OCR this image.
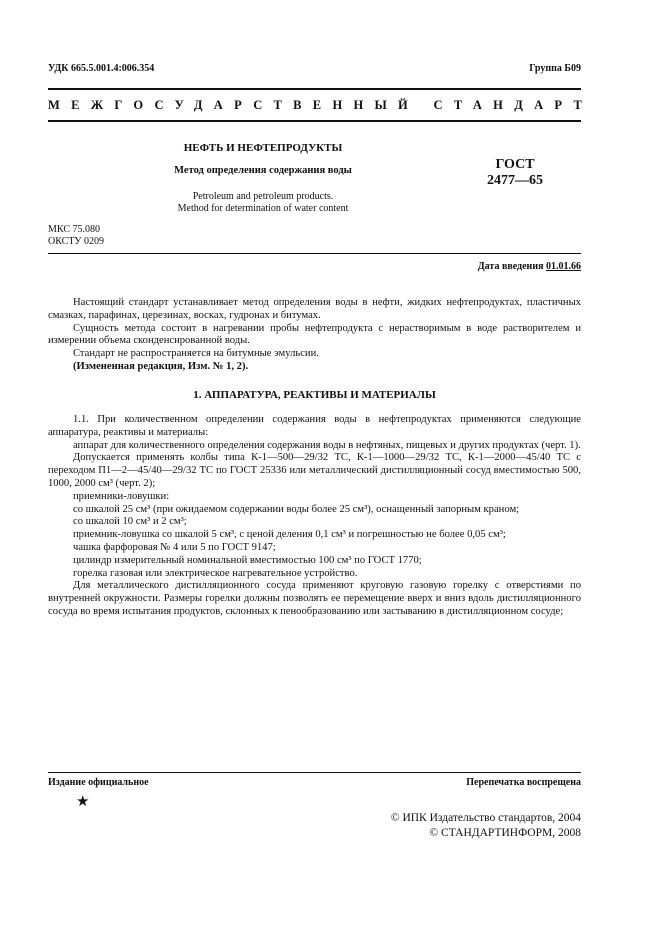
УДК 665.5.001.4:006.354	Группа Б09
МЕЖГОСУДАРСТВЕННЫЙ СТАНДАРТ
НЕФТЬ И НЕФТЕПРОДУКТЫ
Метод определения содержания воды
Petroleum and petroleum products.
Method for determination of water content
ГОСТ
2477—65
МКС 75.080
ОКСТУ 0209
Дата введения 01.01.66

Настоящий стандарт устанавливает метод определения воды в нефти, жидких нефтепродуктах, пластичных смазках, парафинах, церезинах, восках, гудронах и битумах.

Сущность метода состоит в нагревании пробы нефтепродукта с нерастворимым в воде растворителем и измерении объема сконденсированной воды.

Стандарт не распространяется на битумные эмульсии.

(Измененная редакция, Изм. № 1, 2).

1. АППАРАТУРА, РЕАКТИВЫ И МАТЕРИАЛЫ

1.1. При количественном определении содержания воды в нефтепродуктах применяются следующие аппаратура, реактивы и материалы:

аппарат для количественного определения содержания воды в нефтяных, пищевых и других продуктах (черт. 1).

Допускается применять колбы типа К-1—500—29/32 ТС, К-1—1000—29/32 ТС, К-1—2000—45/40 ТС с переходом П1—2—45/40—29/32 ТС по ГОСТ 25336 или металлический дистилляционный сосуд вместимостью 500, 1000, 2000 см³ (черт. 2);

приемники-ловушки:

со шкалой 25 см³ (при ожидаемом содержании воды более 25 см³), оснащенный запорным краном;

со шкалой 10 см³ и 2 см³;

приемник-ловушка со шкалой 5 см³, с ценой деления 0,1 см³ и погрешностью не более 0,05 см³;

чашка фарфоровая № 4 или 5 по ГОСТ 9147;

цилиндр измерительный номинальной вместимостью 100 см³ по ГОСТ 1770;

горелка газовая или электрическое нагревательное устройство.

Для металлического дистилляционного сосуда применяют круговую газовую горелку с отверстиями по внутренней окружности. Размеры горелки должны позволять ее перемещение вверх и вниз вдоль дистилляционного сосуда во время испытания продуктов, склонных к пенообразованию или застыванию в дистилляционном сосуде;

Издание официальное	Перепечатка воспрещена
★
© ИПК Издательство стандартов, 2004
© СТАНДАРТИНФОРМ, 2008
